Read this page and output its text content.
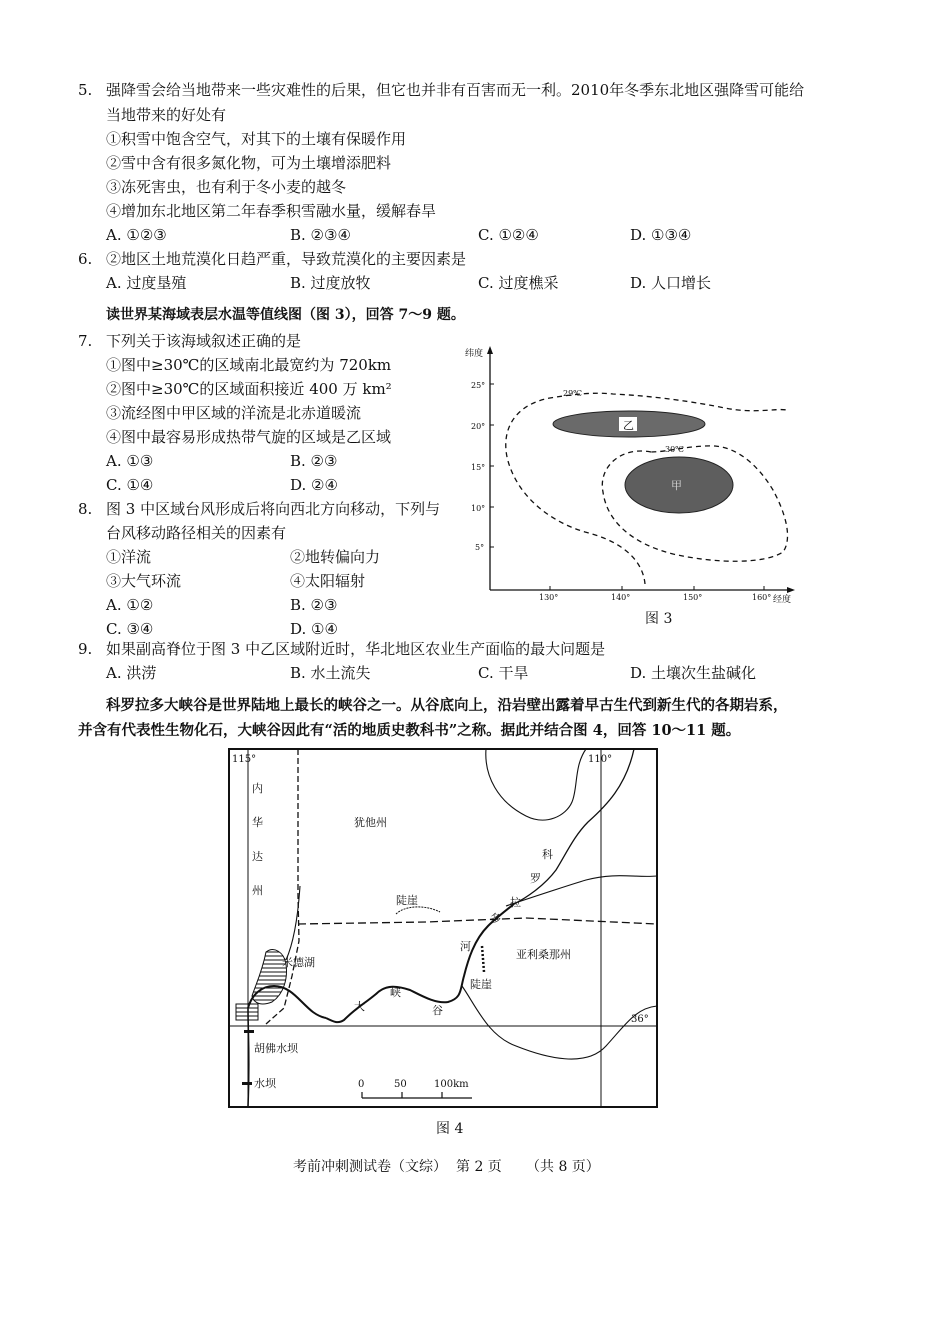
5. 强降雪会给当地带来一些灾难性的后果，但它也并非有百害而无一利。2010年冬季东北地区强降雪可能给
当地带来的好处有
①积雪中饱含空气，对其下的土壤有保暖作用
②雪中含有很多氮化物，可为土壤增添肥料
③冻死害虫，也有利于冬小麦的越冬
④增加东北地区第二年春季积雪融水量，缓解春旱
A. ①②③	B. ②③④	C. ①②④	D. ①③④
6. ②地区土地荒漠化日趋严重，导致荒漠化的主要因素是
A. 过度垦殖	B. 过度放牧	C. 过度樵采	D. 人口增长
读世界某海域表层水温等值线图（图 3），回答 7～9 题。
7. 下列关于该海域叙述正确的是
①图中≥30℃的区域南北最宽约为 720km
②图中≥30℃的区域面积接近 400 万 km²
③流经图中甲区域的洋流是北赤道暖流
④图中最容易形成热带气旋的区域是乙区域
A. ①③	B. ②③
C. ①④	D. ②④
8. 图 3 中区域台风形成后将向西北方向移动，下列与
台风移动路径相关的因素有
①洋流	②地转偏向力
③大气环流	④太阳辐射
A. ①②	B. ②③
C. ③④	D. ①④
纬度
经度
25°
20°
15°
10°
5°
130°	140°	150°	160°
29℃
30℃
乙
甲
图 3
9. 如果副高脊位于图 3 中乙区域附近时，华北地区农业生产面临的最大问题是
A. 洪涝	B. 水土流失	C. 干旱	D. 土壤次生盐碱化
科罗拉多大峡谷是世界陆地上最长的峡谷之一。从谷底向上，沿岩壁出露着早古生代到新生代的各期岩系，
并含有代表性生物化石，大峡谷因此有“活的地质史教科书”之称。据此并结合图 4，回答 10～11 题。
115°	110°
36°
0	50	100km
犹他州
亚利桑那州
米德湖
陡崖
陡崖
胡佛水坝
水坝
内
华
达
州
科
罗
拉
多
河
大
峡
谷
图 4
考前冲刺测试卷（文综） 第 2 页 （共 8 页）
